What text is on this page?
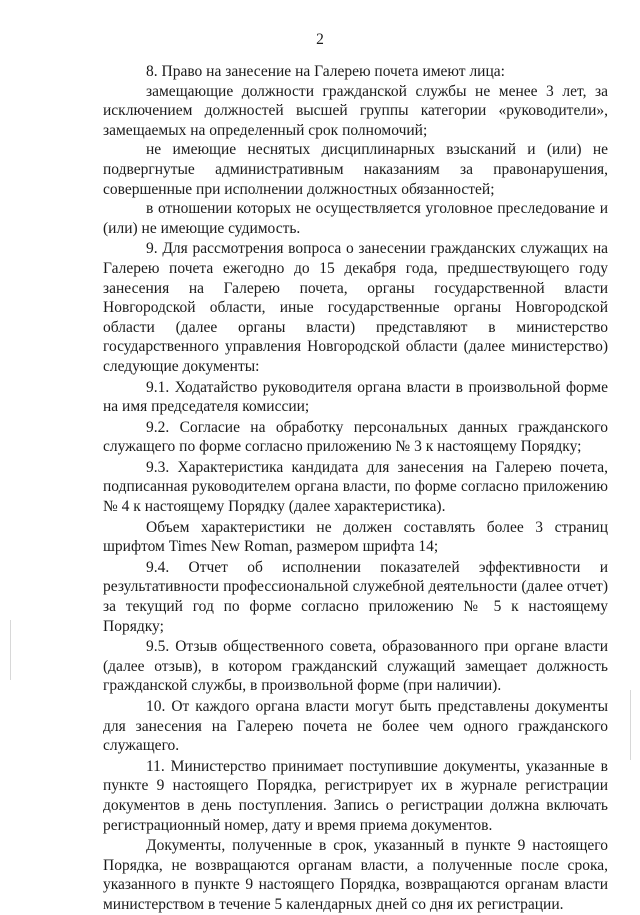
2

8. Право на занесение на Галерею почета имеют лица:

замещающие должности гражданской службы не менее 3 лет, за исключением должностей высшей группы категории «руководители», замещаемых на определенный срок полномочий;

не имеющие неснятых дисциплинарных взысканий и (или) не подвергнутые административным наказаниям за правонарушения, совершенные при исполнении должностных обязанностей;

в отношении которых не осуществляется уголовное преследование и (или) не имеющие судимость.

9. Для рассмотрения вопроса о занесении гражданских служащих на Галерею почета ежегодно до 15 декабря года, предшествующего году занесения на Галерею почета, органы государственной власти Новгородской области, иные государственные органы Новгородской области (далее органы власти) представляют в министерство государственного управления Новгородской области (далее министерство) следующие документы:

9.1. Ходатайство руководителя органа власти в произвольной форме на имя председателя комиссии;

9.2. Согласие на обработку персональных данных гражданского служащего по форме согласно приложению № 3 к настоящему Порядку;

9.3. Характеристика кандидата для занесения на Галерею почета, подписанная руководителем органа власти, по форме согласно приложению № 4 к настоящему Порядку (далее характеристика).

Объем характеристики не должен составлять более 3 страниц шрифтом Times New Roman, размером шрифта 14;

9.4. Отчет об исполнении показателей эффективности и результативности профессиональной служебной деятельности (далее отчет) за текущий год по форме согласно приложению № 5 к настоящему Порядку;

9.5. Отзыв общественного совета, образованного при органе власти (далее отзыв), в котором гражданский служащий замещает должность гражданской службы, в произвольной форме (при наличии).

10. От каждого органа власти могут быть представлены документы для занесения на Галерею почета не более чем одного гражданского служащего.

11. Министерство принимает поступившие документы, указанные в пункте 9 настоящего Порядка, регистрирует их в журнале регистрации документов в день поступления. Запись о регистрации должна включать регистрационный номер, дату и время приема документов.

Документы, полученные в срок, указанный в пункте 9 настоящего Порядка, не возвращаются органам власти, а полученные после срока, указанного в пункте 9 настоящего Порядка, возвращаются органам власти министерством в течение 5 календарных дней со дня их регистрации.
